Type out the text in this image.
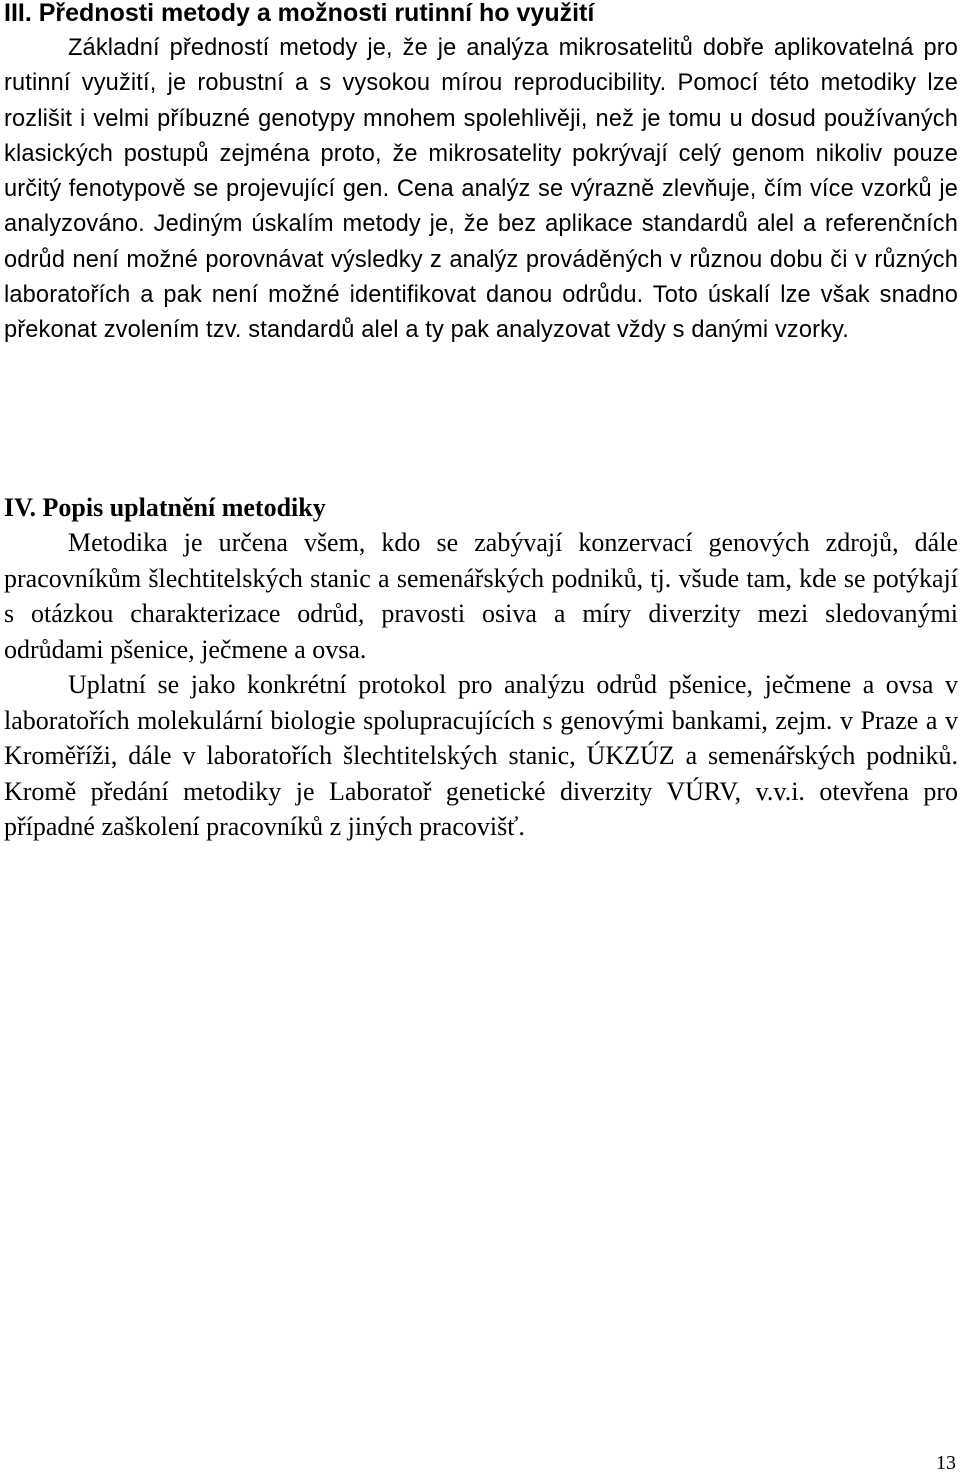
III. Přednosti metody a možnosti rutinní ho využití

Základní předností metody je, že je analýza mikrosatelitů dobře aplikovatelná pro rutinní využití, je robustní a s vysokou mírou reproducibility. Pomocí této metodiky lze rozlišit i velmi příbuzné genotypy mnohem spolehlivěji, než je tomu u dosud používaných klasických postupů zejména proto, že mikrosatelity pokrývají celý genom nikoliv pouze určitý fenotypově se projevující gen. Cena analýz se výrazně zlevňuje, čím více vzorků je analyzováno. Jediným úskalím metody je, že bez aplikace standardů alel a referenčních odrůd není možné porovnávat výsledky z analýz prováděných v různou dobu či v různých laboratořích a pak není možné identifikovat danou odrůdu. Toto úskalí lze však snadno překonat zvolením tzv. standardů alel a ty pak analyzovat vždy s danými vzorky.

IV. Popis uplatnění metodiky

Metodika je určena všem, kdo se zabývají konzervací genových zdrojů, dále pracovníkům šlechtitelských stanic a semenářských podniků, tj. všude tam, kde se potýkají s otázkou charakterizace odrůd, pravosti osiva a míry diverzity mezi sledovanými odrůdami pšenice, ječmene a ovsa.

Uplatní se jako konkrétní protokol pro analýzu odrůd pšenice, ječmene a ovsa v laboratořích molekulární biologie spolupracujících s genovými bankami, zejm. v Praze a v Kroměříži, dále v laboratořích šlechtitelských stanic, ÚKZÚZ a semenářských podniků. Kromě předání metodiky je Laboratoř genetické diverzity VÚRV, v.v.i. otevřena pro případné zaškolení pracovníků z jiných pracovišť.

13
